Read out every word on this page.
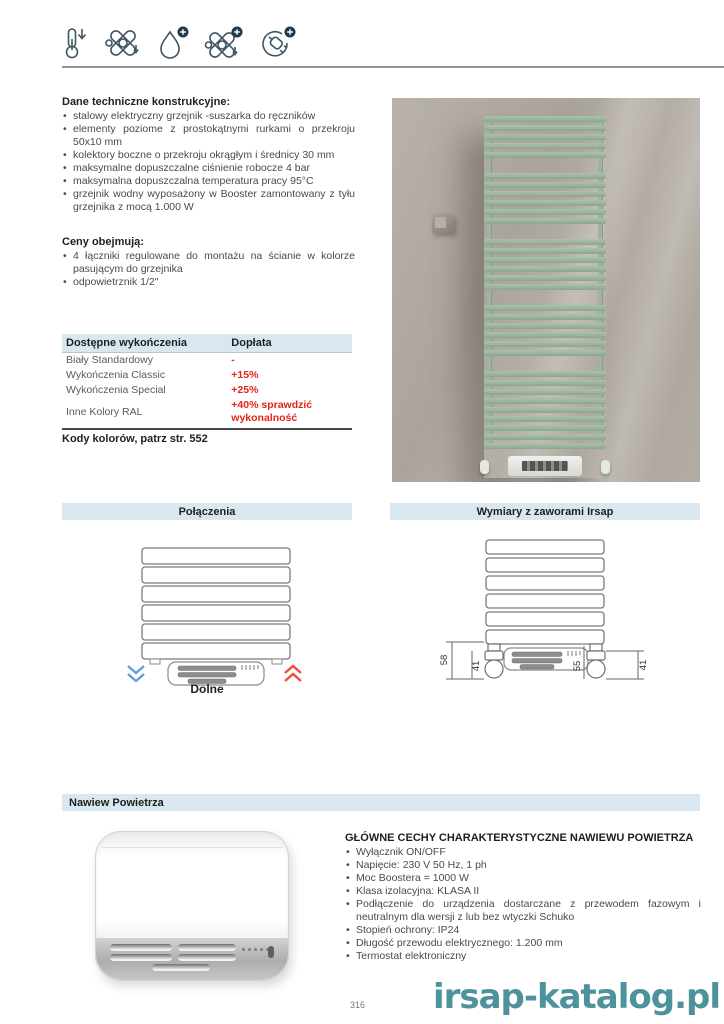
Dane techniczne konstrukcyjne:

• stalowy elektryczny grzejnik -suszarka do ręczników
• elementy poziome z prostokątnymi rurkami o przekroju 50x10 mm
• kolektory boczne o przekroju okrągłym i średnicy 30 mm
• maksymalne dopuszczalne ciśnienie robocze 4 bar
• maksymalna dopuszczalna temperatura pracy 95°C
• grzejnik wodny wyposażony w Booster zamontowany z tyłu grzejnika z mocą 1.000 W

Ceny obejmują:

• 4 łączniki regulowane do montażu na ścianie w kolorze pasującym do grzejnika
• odpowietrznik 1/2"
Dostępne wykończenia	Dopłata
Biały Standardowy	-
Wykończenia Classic	+15%
Wykończenia Special	+25%
Inne Kolory RAL	+40% sprawdzić wykonalność
Kody kolorów, patrz str. 552
Połączenia	Wymiary z zaworami Irsap
Dolne
58
41	55	41
Nawiew Powietrza

GŁÓWNE CECHY CHARAKTERYSTYCZNE NAWIEWU POWIETRZA

• Wyłącznik ON/OFF
• Napięcie: 230 V 50 Hz, 1 ph
• Moc Boostera = 1000 W
• Klasa izolacyjna: KLASA II
• Podłączenie do urządzenia dostarczane z przewodem fazowym i neutralnym dla wersji z lub bez wtyczki Schuko
• Stopień ochrony: IP24
• Długość przewodu elektrycznego: 1.200 mm
• Termostat elektroniczny
316 irsap-katalog.pl
